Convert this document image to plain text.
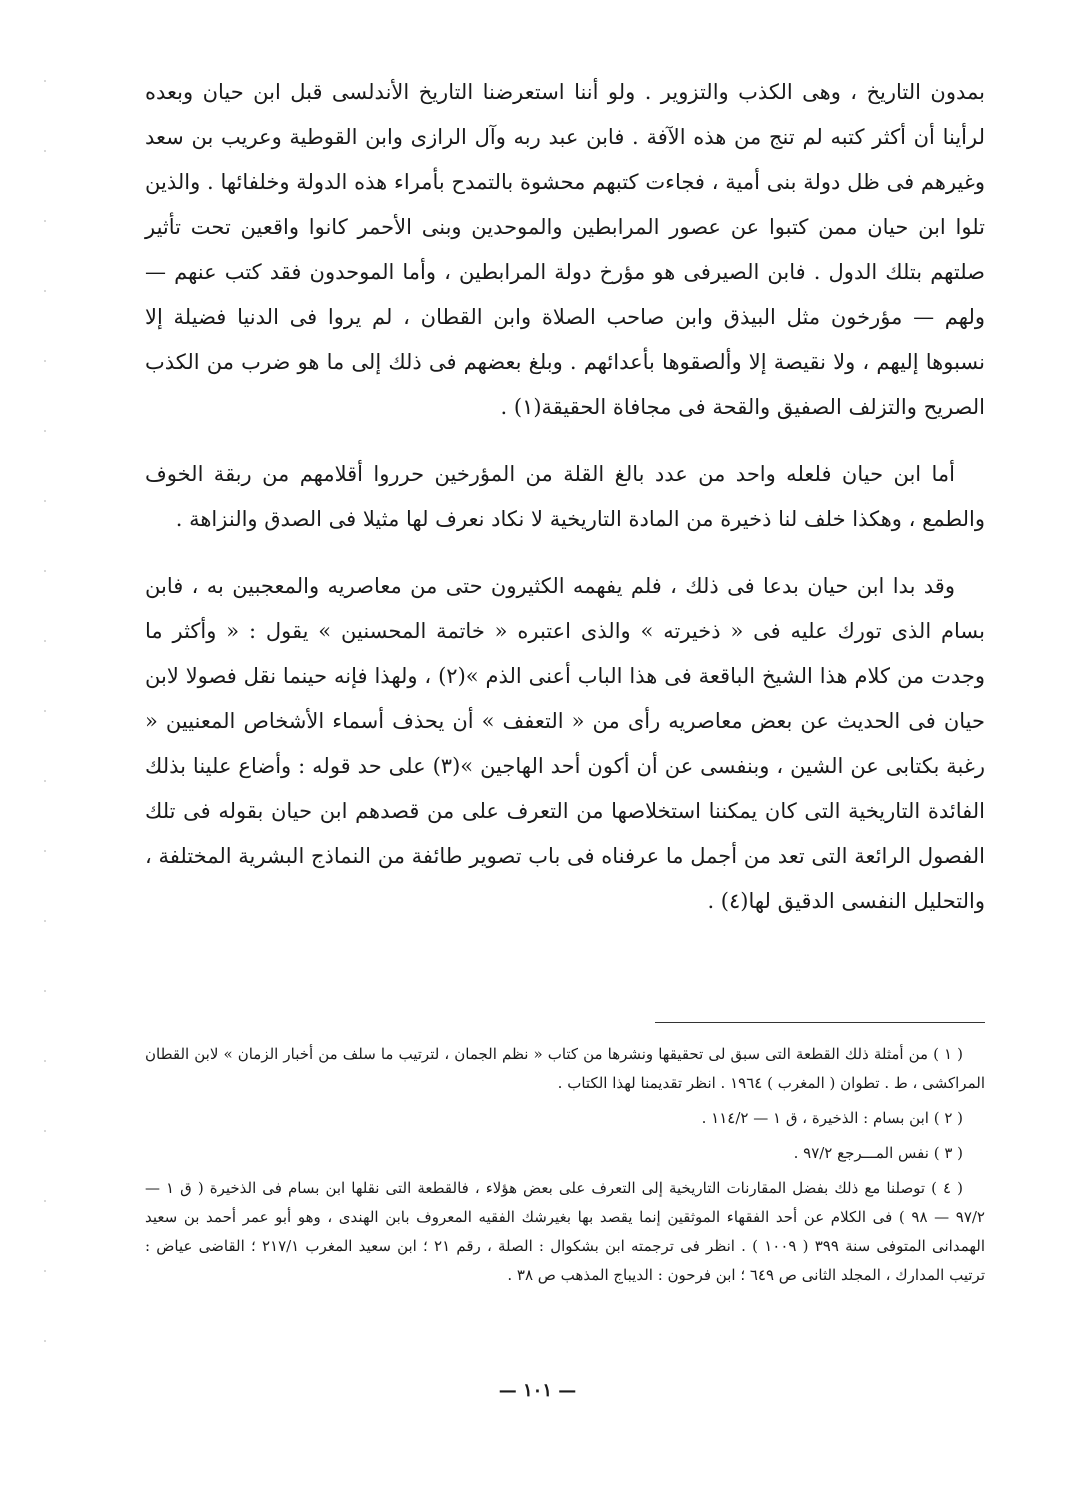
بمدون التاريخ ، وهى الكذب والتزوير . ولو أننا استعرضنا التاريخ الأندلسى قبل ابن حيان وبعده لرأينا أن أكثر كتبه لم تنج من هذه الآفة . فابن عبد ربه وآل الرازى وابن القوطية وعريب بن سعد وغيرهم فى ظل دولة بنى أمية ، فجاءت كتبهم محشوة بالتمدح بأمراء هذه الدولة وخلفائها . والذين تلوا ابن حيان ممن كتبوا عن عصور المرابطين والموحدين وبنى الأحمر كانوا واقعين تحت تأثير صلتهم بتلك الدول . فابن الصيرفى هو مؤرخ دولة المرابطين ، وأما الموحدون فقد كتب عنهم — ولهم — مؤرخون مثل البيذق وابن صاحب الصلاة وابن القطان ، لم يروا فى الدنيا فضيلة إلا نسبوها إليهم ، ولا نقيصة إلا وألصقوها بأعدائهم . وبلغ بعضهم فى ذلك إلى ما هو ضرب من الكذب الصريح والتزلف الصفيق والقحة فى مجافاة الحقيقة(١) .

أما ابن حيان فلعله واحد من عدد بالغ القلة من المؤرخين حرروا أقلامهم من ربقة الخوف والطمع ، وهكذا خلف لنا ذخيرة من المادة التاريخية لا نكاد نعرف لها مثيلا فى الصدق والنزاهة .

وقد بدا ابن حيان بدعا فى ذلك ، فلم يفهمه الكثيرون حتى من معاصريه والمعجبين به ، فابن بسام الذى تورك عليه فى « ذخيرته » والذى اعتبره « خاتمة المحسنين » يقول : « وأكثر ما وجدت من كلام هذا الشيخ الباقعة فى هذا الباب أعنى الذم »(٢) ، ولهذا فإنه حينما نقل فصولا لابن حيان فى الحديث عن بعض معاصريه رأى من « التعفف » أن يحذف أسماء الأشخاص المعنيين « رغبة بكتابى عن الشين ، وبنفسى عن أن أكون أحد الهاجين »(٣) على حد قوله : وأضاع علينا بذلك الفائدة التاريخية التى كان يمكننا استخلاصها من التعرف على من قصدهم ابن حيان بقوله فى تلك الفصول الرائعة التى تعد من أجمل ما عرفناه فى باب تصوير طائفة من النماذج البشرية المختلفة ، والتحليل النفسى الدقيق لها(٤) .

( ١ ) من أمثلة ذلك القطعة التى سبق لى تحقيقها ونشرها من كتاب « نظم الجمان ، لترتيب ما سلف من أخبار الزمان » لابن القطان المراكشى ، ط . تطوان ( المغرب ) ١٩٦٤ . انظر تقديمنا لهذا الكتاب .

( ٢ ) ابن بسام : الذخيرة ، ق ١ — ١١٤/٢ .

( ٣ ) نفس المـــرجع ٩٧/٢ .

( ٤ ) توصلنا مع ذلك بفضل المقارنات التاريخية إلى التعرف على بعض هؤلاء ، فالقطعة التى نقلها ابن بسام فى الذخيرة ( ق ١ — ٩٧/٢ — ٩٨ ) فى الكلام عن أحد الفقهاء الموثقين إنما يقصد بها بغيرشك الفقيه المعروف بابن الهندى ، وهو أبو عمر أحمد بن سعيد الهمدانى المتوفى سنة ٣٩٩ ( ١٠٠٩ ) . انظر فى ترجمته ابن بشكوال : الصلة ، رقم ٢١ ؛ ابن سعيد المغرب ٢١٧/١ ؛ القاضى عياض : ترتيب المدارك ، المجلد الثانى ص ٦٤٩ ؛ ابن فرحون : الديباج المذهب ص ٣٨ .

— ١٠١ —
